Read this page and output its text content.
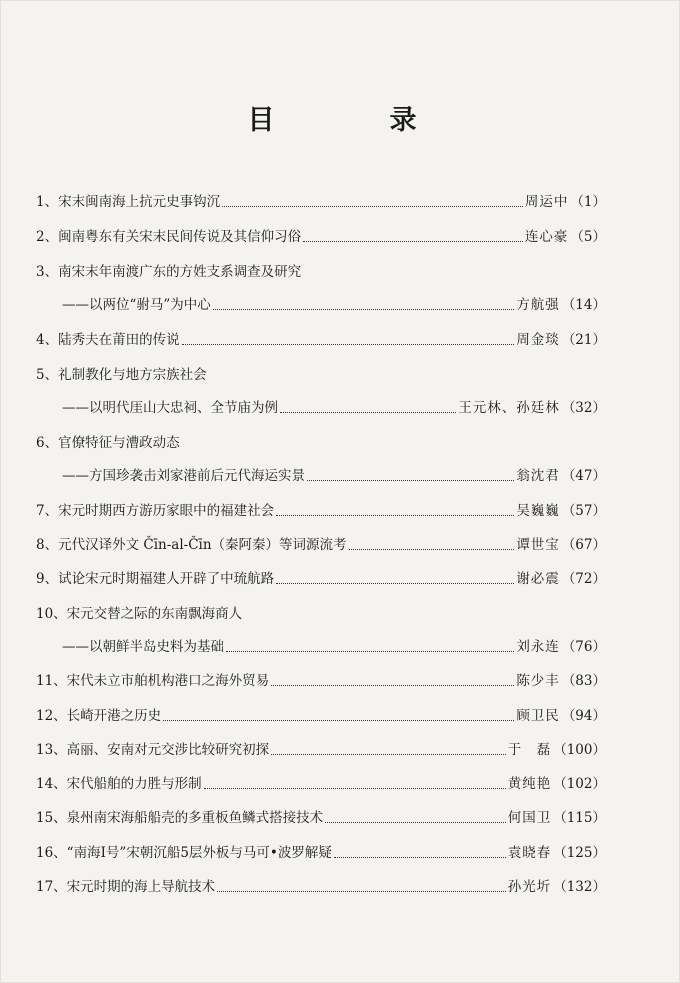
目　录
1、宋末闽南海上抗元史事钩沉	周运中 （1）
2、闽南粤东有关宋末民间传说及其信仰习俗	连心豪 （5）
3、南宋末年南渡广东的方姓支系调查及研究
——以两位“驸马”为中心	方航强 （14）
4、陆秀夫在莆田的传说	周金琰 （21）
5、礼制教化与地方宗族社会
——以明代厓山大忠祠、全节庙为例	王元林、孙廷林 （32）
6、官僚特征与漕政动态
——方国珍袭击刘家港前后元代海运实景	翁沈君 （47）
7、宋元时期西方游历家眼中的福建社会	吴巍巍 （57）
8、元代汉译外文 Čīn-al-Čīn（秦阿秦）等词源流考	谭世宝 （67）
9、试论宋元时期福建人开辟了中琉航路	谢必震 （72）
10、宋元交替之际的东南飘海商人
——以朝鲜半岛史料为基础	刘永连 （76）
11、宋代未立市舶机构港口之海外贸易	陈少丰 （83）
12、长崎开港之历史	顾卫民 （94）
13、高丽、安南对元交涉比较研究初探	于　磊 （100）
14、宋代船舶的力胜与形制	黄纯艳 （102）
15、泉州南宋海船船壳的多重板鱼鳞式搭接技术	何国卫 （115）
16、“南海Ⅰ号”宋朝沉船5层外板与马可•波罗解疑	袁晓春 （125）
17、宋元时期的海上导航技术	孙光圻 （132）
